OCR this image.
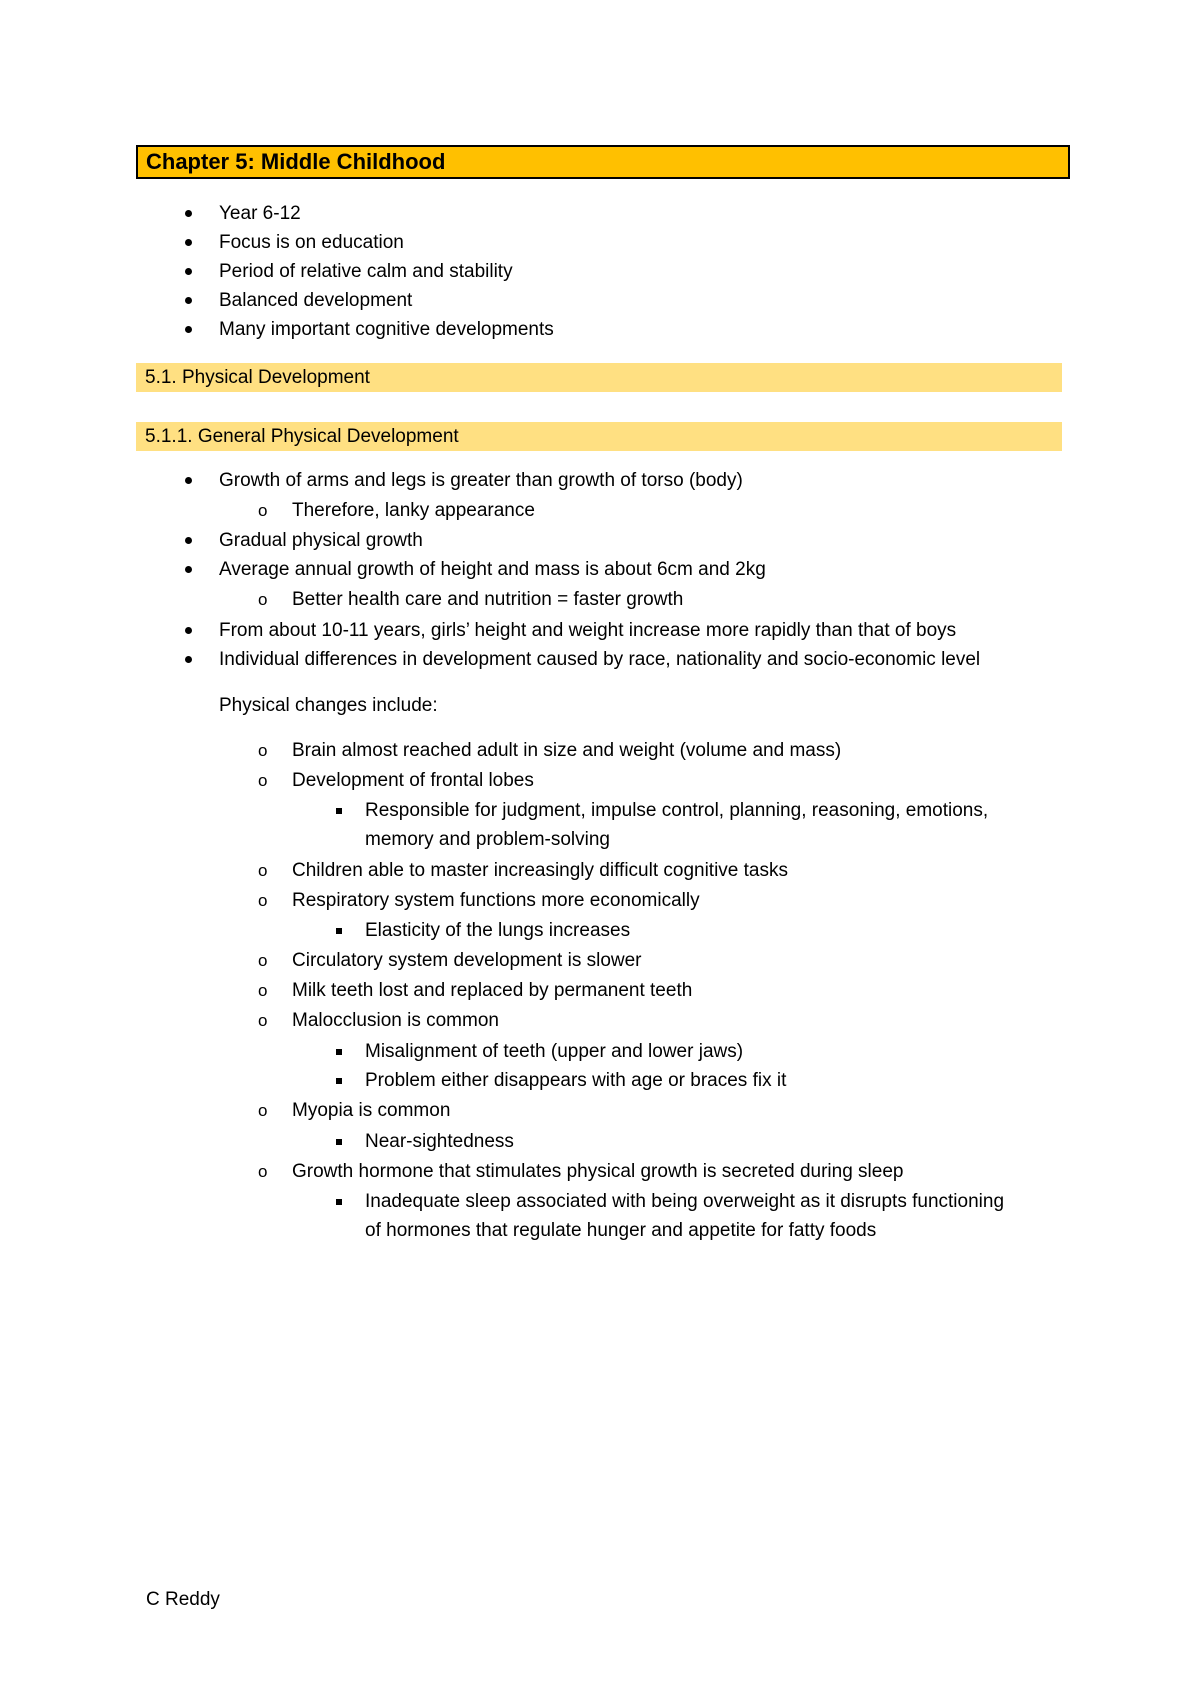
Chapter 5: Middle Childhood
Year 6-12
Focus is on education
Period of relative calm and stability
Balanced development
Many important cognitive developments
5.1. Physical Development
5.1.1. General Physical Development
Growth of arms and legs is greater than growth of torso (body)
o Therefore, lanky appearance
Gradual physical growth
Average annual growth of height and mass is about 6cm and 2kg
o Better health care and nutrition = faster growth
From about 10-11 years, girls’ height and weight increase more rapidly than that of boys
Individual differences in development caused by race, nationality and socio-economic level
Physical changes include:
o Brain almost reached adult in size and weight (volume and mass)
o Development of frontal lobes
Responsible for judgment, impulse control, planning, reasoning, emotions,
memory and problem-solving
o Children able to master increasingly difficult cognitive tasks
o Respiratory system functions more economically
Elasticity of the lungs increases
o Circulatory system development is slower
o Milk teeth lost and replaced by permanent teeth
o Malocclusion is common
Misalignment of teeth (upper and lower jaws)
Problem either disappears with age or braces fix it
o Myopia is common
Near-sightedness
o Growth hormone that stimulates physical growth is secreted during sleep
Inadequate sleep associated with being overweight as it disrupts functioning
of hormones that regulate hunger and appetite for fatty foods
C Reddy
